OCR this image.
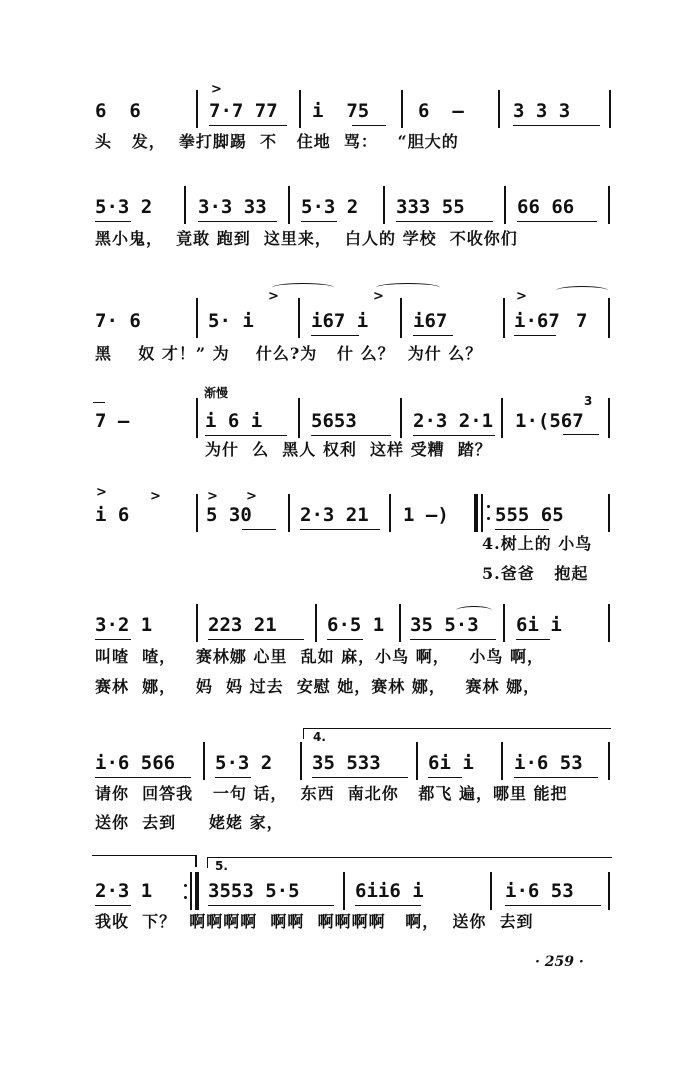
6  6
>
7·7 77 i  75	6  —	3 3 3
头   发，  拳打脚踢  不   住地  骂：   “胆大的
5·3 2 3·3 33 5·3 2 333 55	66 66
黑小鬼，  竟敢 跑到  这里来，  白人的 学校  不收你们
7· 6	5· i
>
i67 i
>
i67
>
i·67 7
黑    奴 才！” 为    什么?为   什 么？  为什 么？
渐慢
3
7 —	i 6 i	5653	2·3 2·1 1·(567
为什  么  黑人 权利  这样 受糟  踏？
>	>
i 6
> >
5 30	2·3 21 1 —) 555 65
4.树上的 小鸟
5.爸爸   抱起
3·2 1	223 21	6·5 1 35 5·3 6i i
叫喳  喳，   赛林娜 心里  乱如 麻，小鸟 啊，   小鸟 啊，
赛林  娜，   妈  妈 过去  安慰 她，赛林 娜，   赛林 娜，
4.
i·6 566 5·3 2 35 533 6i i i·6 53
请你  回答我   一句 话，  东西  南北你   都飞 遍，哪里 能把
送你  去到     姥姥 家，
5.
2·3 1	3553 5·5	6ii6 i	i·6 53
我收  下？  啊啊啊啊  啊啊  啊啊啊啊   啊，  送你  去到
· 259 ·
